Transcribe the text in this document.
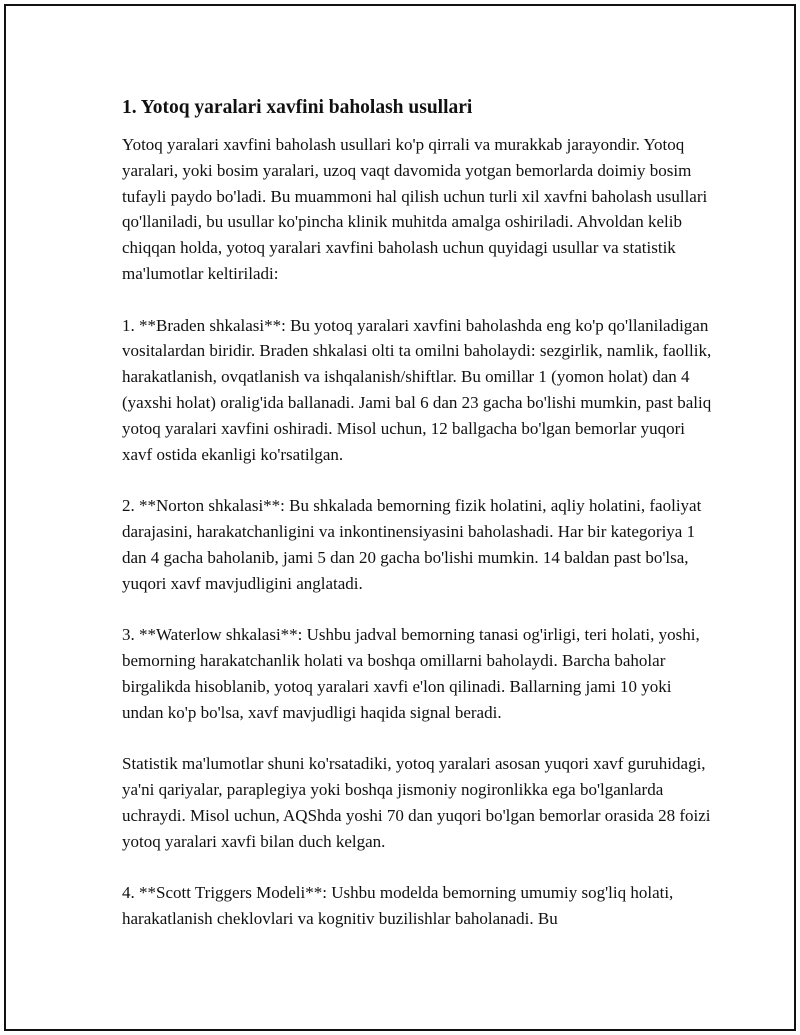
1. Yotoq yaralari xavfini baholash usullari

Yotoq yaralari xavfini baholash usullari ko'p qirrali va murakkab jarayondir. Yotoq yaralari, yoki bosim yaralari, uzoq vaqt davomida yotgan bemorlarda doimiy bosim tufayli paydo bo'ladi. Bu muammoni hal qilish uchun turli xil xavfni baholash usullari qo'llaniladi, bu usullar ko'pincha klinik muhitda amalga oshiriladi. Ahvoldan kelib chiqqan holda, yotoq yaralari xavfini baholash uchun quyidagi usullar va statistik ma'lumotlar keltiriladi:

1. **Braden shkalasi**: Bu yotoq yaralari xavfini baholashda eng ko'p qo'llaniladigan vositalardan biridir. Braden shkalasi olti ta omilni baholaydi: sezgirlik, namlik, faollik, harakatlanish, ovqatlanish va ishqalanish/shiftlar. Bu omillar 1 (yomon holat) dan 4 (yaxshi holat) oralig'ida ballanadi. Jami bal 6 dan 23 gacha bo'lishi mumkin, past baliq yotoq yaralari xavfini oshiradi. Misol uchun, 12 ballgacha bo'lgan bemorlar yuqori xavf ostida ekanligi ko'rsatilgan.

2. **Norton shkalasi**: Bu shkalada bemorning fizik holatini, aqliy holatini, faoliyat darajasini, harakatchanligini va inkontinensiyasini baholashadi. Har bir kategoriya 1 dan 4 gacha baholanib, jami 5 dan 20 gacha bo'lishi mumkin. 14 baldan past bo'lsa, yuqori xavf mavjudligini anglatadi.

3. **Waterlow shkalasi**: Ushbu jadval bemorning tanasi og'irligi, teri holati, yoshi, bemorning harakatchanlik holati va boshqa omillarni baholaydi. Barcha baholar birgalikda hisoblanib, yotoq yaralari xavfi e'lon qilinadi. Ballarning jami 10 yoki undan ko'p bo'lsa, xavf mavjudligi haqida signal beradi.

Statistik ma'lumotlar shuni ko'rsatadiki, yotoq yaralari asosan yuqori xavf guruhidagi, ya'ni qariyalar, paraplegiya yoki boshqa jismoniy nogironlikka ega bo'lganlarda uchraydi. Misol uchun, AQShda yoshi 70 dan yuqori bo'lgan bemorlar orasida 28 foizi yotoq yaralari xavfi bilan duch kelgan.

4. **Scott Triggers Modeli**: Ushbu modelda bemorning umumiy sog'liq holati, harakatlanish cheklovlari va kognitiv buzilishlar baholanadi. Bu
